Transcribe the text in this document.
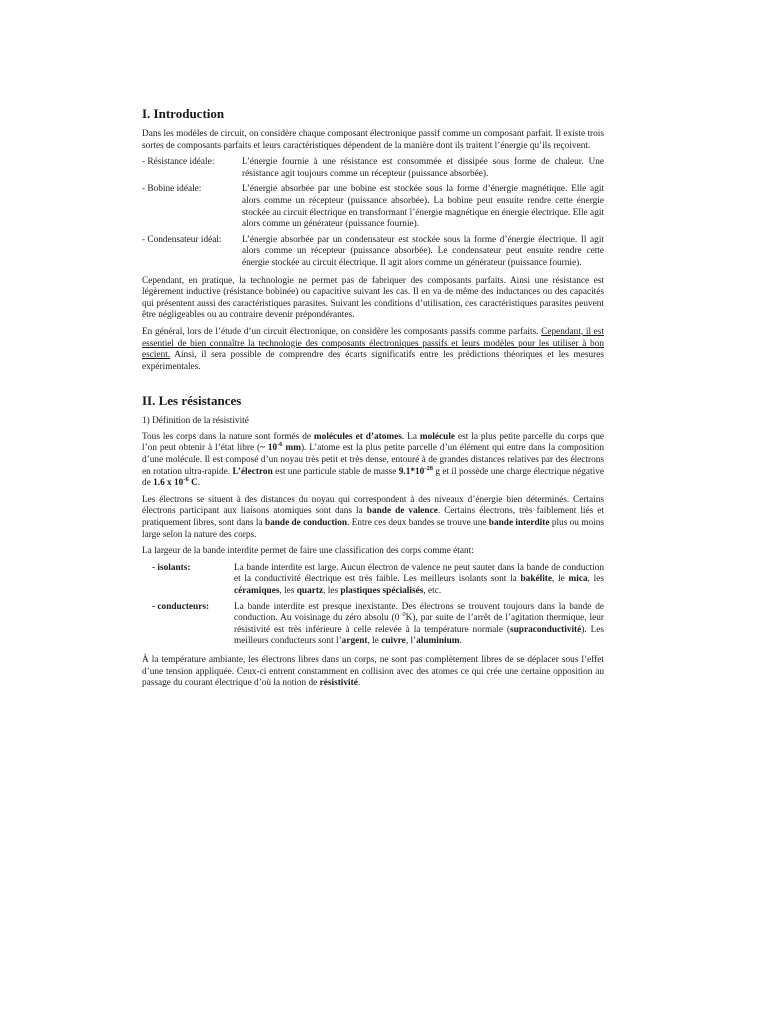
I. Introduction

Dans les modèles de circuit, on considère chaque composant électronique passif comme un composant parfait. Il existe trois sortes de composants parfaits et leurs caractéristiques dépendent de la manière dont ils traitent l’énergie qu’ils reçoivent.

- Résistance idéale:	L’énergie fournie à une résistance est consommée et dissipée sous forme de chaleur. Une résistance agit toujours comme un récepteur (puissance absorbée).
- Bobine idéale:	L’énergie absorbée par une bobine est stockée sous la forme d’énergie magnétique. Elle agit alors comme un récepteur (puissance absorbée). La bobine peut ensuite rendre cette énergie stockée au circuit électrique en transformant l’énergie magnétique en énergie électrique. Elle agit alors comme un générateur (puissance fournie).
- Condensateur idéal:	L’énergie absorbée par un condensateur est stockée sous la forme d’énergie électrique. Il agit alors comme un récepteur (puissance absorbée). Le condensateur peut ensuite rendre cette énergie stockée au circuit électrique. Il agit alors comme un générateur (puissance fournie).

Cependant, en pratique, la technologie ne permet pas de fabriquer des composants parfaits. Ainsi une résistance est légèrement inductive (résistance bobinée) ou capacitive suivant les cas. Il en va de même des inductances ou des capacités qui présentent aussi des caractéristiques parasites. Suivant les conditions d’utilisation, ces caractéristiques parasites peuvent être négligeables ou au contraire devenir prépondérantes.

En général, lors de l’étude d’un circuit électronique, on considère les composants passifs comme parfaits. Cependant, il est essentiel de bien connaître la technologie des composants électroniques passifs et leurs modèles pour les utiliser à bon escient. Ainsi, il sera possible de comprendre des écarts significatifs entre les prédictions théoriques et les mesures expérimentales.

II. Les résistances
1) Définition de la résistivité

Tous les corps dans la nature sont formés de molécules et d’atomes. La molécule est la plus petite parcelle du corps que l’on peut obtenir à l’état libre (~ $10^{-6}$ mm). L’atome est la plus petite parcelle d’un élément qui entre dans la composition d’une molécule. Il est composé d’un noyau très petit et très dense, entouré à de grandes distances relatives par des électrons en rotation ultra-rapide. L’électron est une particule stable de masse $9.1*10^{-28}$ g et il possède une charge électrique négative de 1.6 x $10^{-6}$ C.

Les électrons se situent à des distances du noyau qui correspondent à des niveaux d’énergie bien déterminés. Certains électrons participant aux liaisons atomiques sont dans la bande de valence. Certains électrons, très faiblement liés et pratiquement libres, sont dans la bande de conduction. Entre ces deux bandes se trouve une bande interdite plus ou moins large selon la nature des corps.

La largeur de la bande interdite permet de faire une classification des corps comme étant:

- isolants:	La bande interdite est large. Aucun électron de valence ne peut sauter dans la bande de conduction et la conductivité électrique est très faible. Les meilleurs isolants sont la bakélite, le mica, les céramiques, les quartz, les plastiques spécialisés, etc.
- conducteurs:	La bande interdite est presque inexistante. Des électrons se trouvent toujours dans la bande de conduction. Au voisinage du zéro absolu (0 $^0$K), par suite de l’arrêt de l’agitation thermique, leur résistivité est très inférieure à celle relevée à la température normale (supraconductivité). Les meilleurs conducteurs sont l’argent, le cuivre, l’aluminium.

À la température ambiante, les électrons libres dans un corps, ne sont pas complètement libres de se déplacer sous l’effet d’une tension appliquée. Ceux-ci entrent constamment en collision avec des atomes ce qui crée une certaine opposition au passage du courant électrique d’où la notion de résistivité.
